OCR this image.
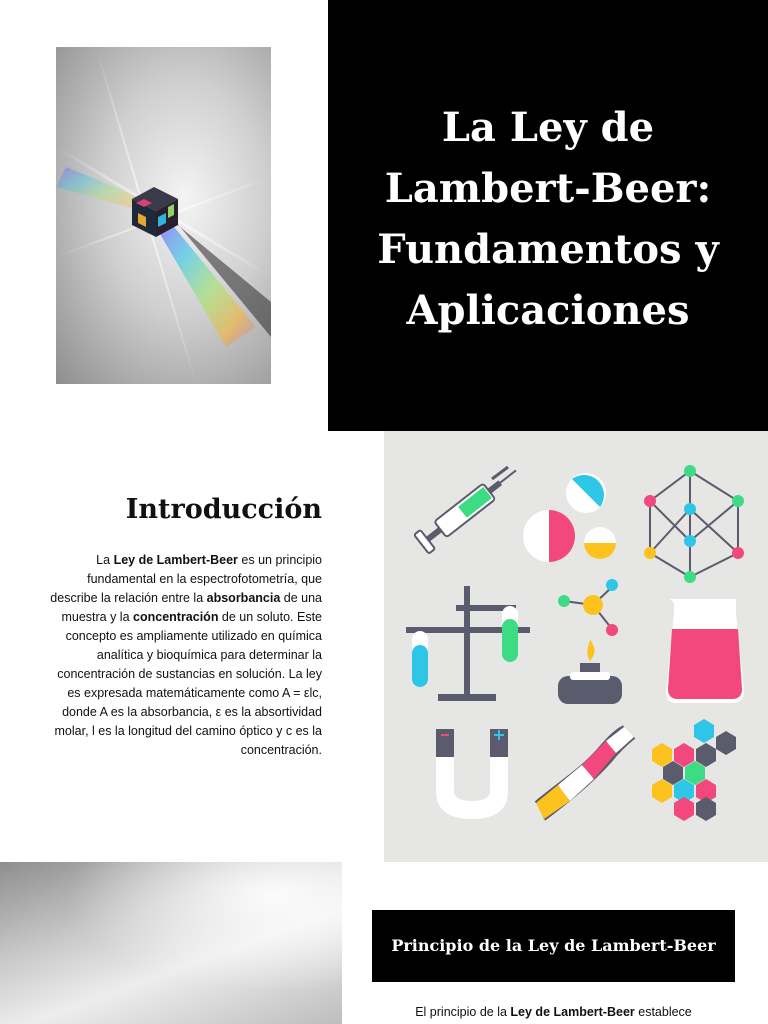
La Ley de Lambert-Beer: Fundamentos y Aplicaciones
Introducción

La Ley de Lambert-Beer es un principio fundamental en la espectrofotometría, que describe la relación entre la absorbancia de una muestra y la concentración de un soluto. Este concepto es ampliamente utilizado en química analítica y bioquímica para determinar la concentración de sustancias en solución. La ley es expresada matemáticamente como A = εlc, donde A es la absorbancia, ε es la absortividad molar, l es la longitud del camino óptico y c es la concentración.

Principio de la Ley de Lambert-Beer

El principio de la Ley de Lambert-Beer establece
